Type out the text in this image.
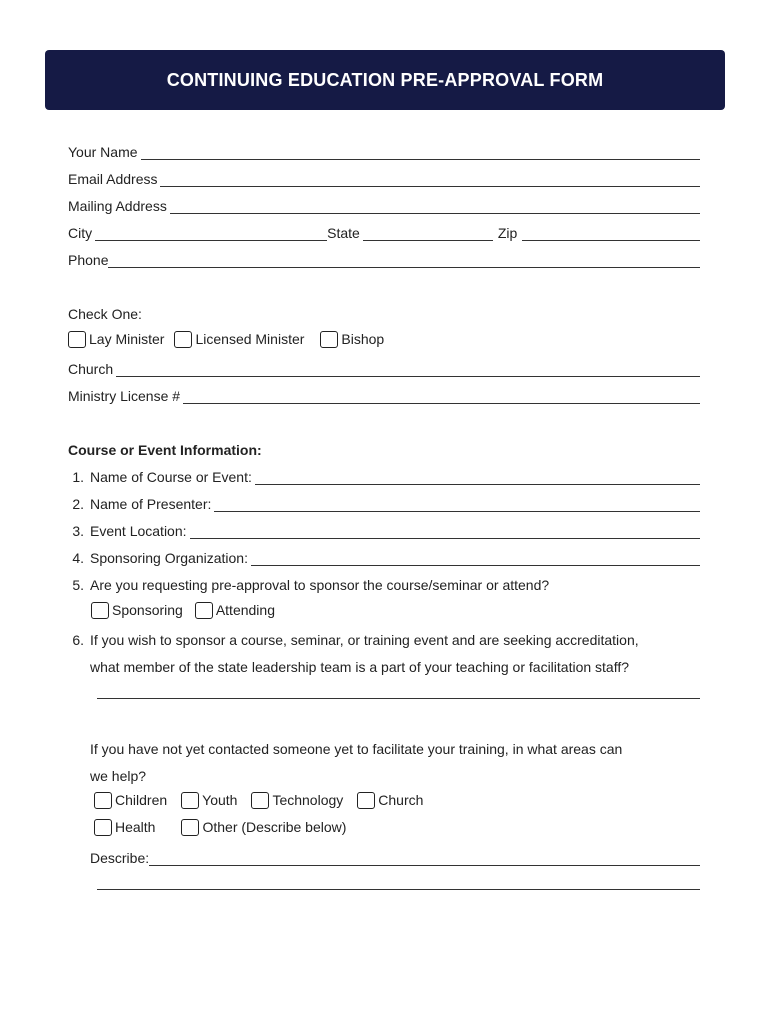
CONTINUING EDUCATION PRE-APPROVAL FORM
Your Name
Email Address
Mailing Address
City	State	Zip
Phone
Check One:
Lay Minister Licensed Minister	Bishop
Church
Ministry License #
Course or Event Information:
1. Name of Course or Event:
2. Name of Presenter:
3. Event Location:
4. Sponsoring Organization:
5. Are you requesting pre-approval to sponsor the course/seminar or attend?
Sponsoring Attending
6. If you wish to sponsor a course, seminar, or training event and are seeking accreditation,
what member of the state leadership team is a part of your teaching or facilitation staff?
If you have not yet contacted someone yet to facilitate your training, in what areas can
we help?
Children	Youth	Technology	Church
Health	Other (Describe below)
Describe:
